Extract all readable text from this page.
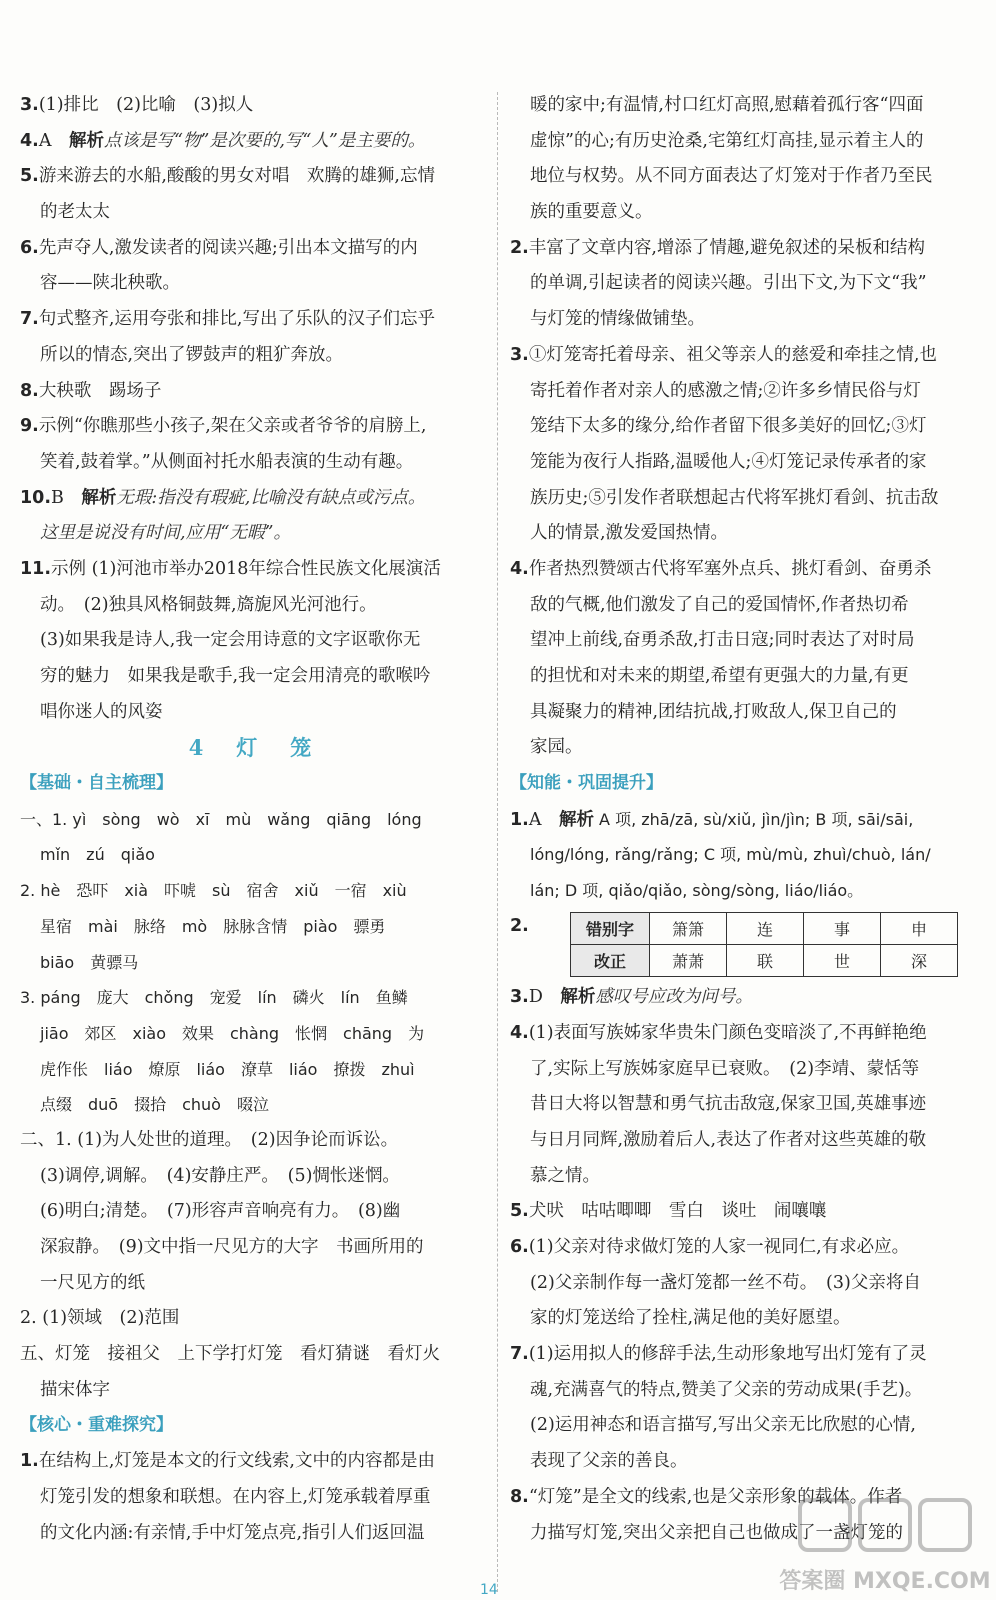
3.(1)排比　(2)比喻　(3)拟人
4.A　解析点该是写“物”是次要的,写“人”是主要的。
5.游来游去的水船,酸酸的男女对唱　欢腾的雄狮,忘情
的老太太
6.先声夺人,激发读者的阅读兴趣;引出本文描写的内
容——陕北秧歌。
7.句式整齐,运用夸张和排比,写出了乐队的汉子们忘乎
所以的情态,突出了锣鼓声的粗犷奔放。
8.大秧歌　踢场子
9.示例“你瞧那些小孩子,架在父亲或者爷爷的肩膀上,
笑着,鼓着掌。”从侧面衬托水船表演的生动有趣。
10.B　解析无瑕:指没有瑕疵,比喻没有缺点或污点。
这里是说没有时间,应用“无暇”。
11.示例 (1)河池市举办2018年综合性民族文化展演活
动。　(2)独具风格铜鼓舞,旖旎风光河池行。
(3)如果我是诗人,我一定会用诗意的文字讴歌你无
穷的魅力　如果我是歌手,我一定会用清亮的歌喉吟
唱你迷人的风姿
4　灯　笼
【基础・自主梳理】
一、1. yì　sòng　wò　xī　mù　wǎng　qiāng　lóng
mǐn　zú　qiǎo
2. hè　恐吓　xià　吓唬　sù　宿舍　xiǔ　一宿　xiù
星宿　mài　脉络　mò　脉脉含情　piào　骠勇
biāo　黄骠马
3. páng　庞大　chǒng　宠爱　lín　磷火　lín　鱼鳞
jiāo　郊区　xiào　效果　chàng　怅惘　chāng　为
虎作伥　liáo　燎原　liáo　潦草　liáo　撩拨　zhuì
点缀　duō　掇拾　chuò　啜泣
二、1. (1)为人处世的道理。　(2)因争论而诉讼。
(3)调停,调解。　(4)安静庄严。　(5)惆怅迷惘。
(6)明白;清楚。　(7)形容声音响亮有力。　(8)幽
深寂静。　(9)文中指一尺见方的大字　书画所用的
一尺见方的纸
2. (1)领域　(2)范围
五、灯笼　接祖父　上下学打灯笼　看灯猜谜　看灯火
描宋体字
【核心・重难探究】
1.在结构上,灯笼是本文的行文线索,文中的内容都是由
灯笼引发的想象和联想。在内容上,灯笼承载着厚重
的文化内涵:有亲情,手中灯笼点亮,指引人们返回温
暖的家中;有温情,村口红灯高照,慰藉着孤行客“四面
虚惊”的心;有历史沧桑,宅第红灯高挂,显示着主人的
地位与权势。从不同方面表达了灯笼对于作者乃至民
族的重要意义。
2.丰富了文章内容,增添了情趣,避免叙述的呆板和结构
的单调,引起读者的阅读兴趣。引出下文,为下文“我”
与灯笼的情缘做铺垫。
3.①灯笼寄托着母亲、祖父等亲人的慈爱和牵挂之情,也
寄托着作者对亲人的感激之情;②许多乡情民俗与灯
笼结下太多的缘分,给作者留下很多美好的回忆;③灯
笼能为夜行人指路,温暖他人;④灯笼记录传承者的家
族历史;⑤引发作者联想起古代将军挑灯看剑、抗击敌
人的情景,激发爱国热情。
4.作者热烈赞颂古代将军塞外点兵、挑灯看剑、奋勇杀
敌的气概,他们激发了自己的爱国情怀,作者热切希
望冲上前线,奋勇杀敌,打击日寇;同时表达了对时局
的担忧和对未来的期望,希望有更强大的力量,有更
具凝聚力的精神,团结抗战,打败敌人,保卫自己的
家园。
【知能・巩固提升】
1.A　解析 A 项, zhā/zā, sù/xiǔ, jìn/jìn; B 项, sāi/sāi,
lóng/lóng, rǎng/rǎng; C 项, mù/mù, zhuì/chuò, lán/
lán; D 项, qiǎo/qiǎo, sòng/sòng, liáo/liáo。
2.	错别字	箫箫	连	事	申
改正	萧萧	联	世	深
3.D　解析感叹号应改为问号。
4.(1)表面写族姊家华贵朱门颜色变暗淡了,不再鲜艳绝
了,实际上写族姊家庭早已衰败。　(2)李靖、蒙恬等
昔日大将以智慧和勇气抗击敌寇,保家卫国,英雄事迹
与日月同辉,激励着后人,表达了作者对这些英雄的敬
慕之情。
5.犬吠　咕咕唧唧　雪白　谈吐　闹嚷嚷
6.(1)父亲对待求做灯笼的人家一视同仁,有求必应。
(2)父亲制作每一盏灯笼都一丝不苟。　(3)父亲将自
家的灯笼送给了拴柱,满足他的美好愿望。
7.(1)运用拟人的修辞手法,生动形象地写出灯笼有了灵
魂,充满喜气的特点,赞美了父亲的劳动成果(手艺)。
(2)运用神态和语言描写,写出父亲无比欣慰的心情,
表现了父亲的善良。
8.“灯笼”是全文的线索,也是父亲形象的载体。作者
力描写灯笼,突出父亲把自己也做成了一盏灯笼的
14	答案圈 MXQE.COM
